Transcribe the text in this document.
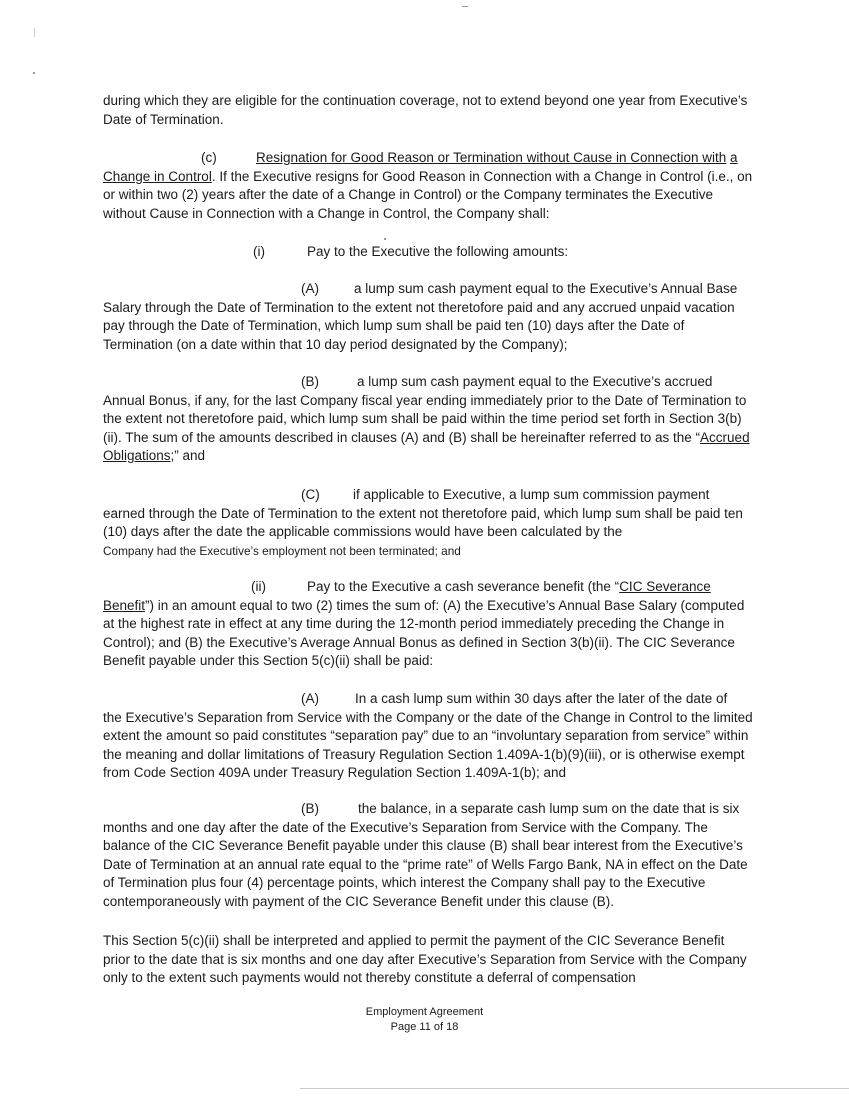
during which they are eligible for the continuation coverage, not to extend beyond one year from Executive’s Date of Termination.

(c)	Resignation for Good Reason or Termination without Cause in Connection with a Change in Control. If the Executive resigns for Good Reason in Connection with a Change in Control (i.e., on or within two (2) years after the date of a Change in Control) or the Company terminates the Executive without Cause in Connection with a Change in Control, the Company shall:

(i)	Pay to the Executive the following amounts:

(A)	a lump sum cash payment equal to the Executive’s Annual Base
Salary through the Date of Termination to the extent not theretofore paid and any accrued unpaid vacation pay through the Date of Termination, which lump sum shall be paid ten (10) days after the Date of Termination (on a date within that 10 day period designated by the Company);

(B)	a lump sum cash payment equal to the Executive’s accrued
Annual Bonus, if any, for the last Company fiscal year ending immediately prior to the Date of Termination to the extent not theretofore paid, which lump sum shall be paid within the time period set forth in Section 3(b)(ii). The sum of the amounts described in clauses (A) and (B) shall be hereinafter referred to as the “Accrued Obligations;” and

(C) if applicable to Executive, a lump sum commission payment
earned through the Date of Termination to the extent not theretofore paid, which lump sum shall be paid ten (10) days after the date the applicable commissions would have been calculated by the
Company had the Executive’s employment not been terminated; and

(ii)	Pay to the Executive a cash severance benefit (the “CIC Severance
Benefit”) in an amount equal to two (2) times the sum of: (A) the Executive’s Annual Base Salary (computed at the highest rate in effect at any time during the 12-month period immediately preceding the Change in Control); and (B) the Executive’s Average Annual Bonus as defined in Section 3(b)(ii). The CIC Severance Benefit payable under this Section 5(c)(ii) shall be paid:

(A)	In a cash lump sum within 30 days after the later of the date of
the Executive’s Separation from Service with the Company or the date of the Change in Control to the limited extent the amount so paid constitutes “separation pay” due to an “involuntary separation from service” within the meaning and dollar limitations of Treasury Regulation Section 1.409A-1(b)(9)(iii), or is otherwise exempt from Code Section 409A under Treasury Regulation Section 1.409A-1(b); and

(B)	the balance, in a separate cash lump sum on the date that is six
months and one day after the date of the Executive’s Separation from Service with the Company. The balance of the CIC Severance Benefit payable under this clause (B) shall bear interest from the Executive’s Date of Termination at an annual rate equal to the “prime rate” of Wells Fargo Bank, NA in effect on the Date of Termination plus four (4) percentage points, which interest the Company shall pay to the Executive contemporaneously with payment of the CIC Severance Benefit under this clause (B).

This Section 5(c)(ii) shall be interpreted and applied to permit the payment of the CIC Severance Benefit prior to the date that is six months and one day after Executive’s Separation from Service with the Company only to the extent such payments would not thereby constitute a deferral of compensation

Employment Agreement
Page 11 of 18
